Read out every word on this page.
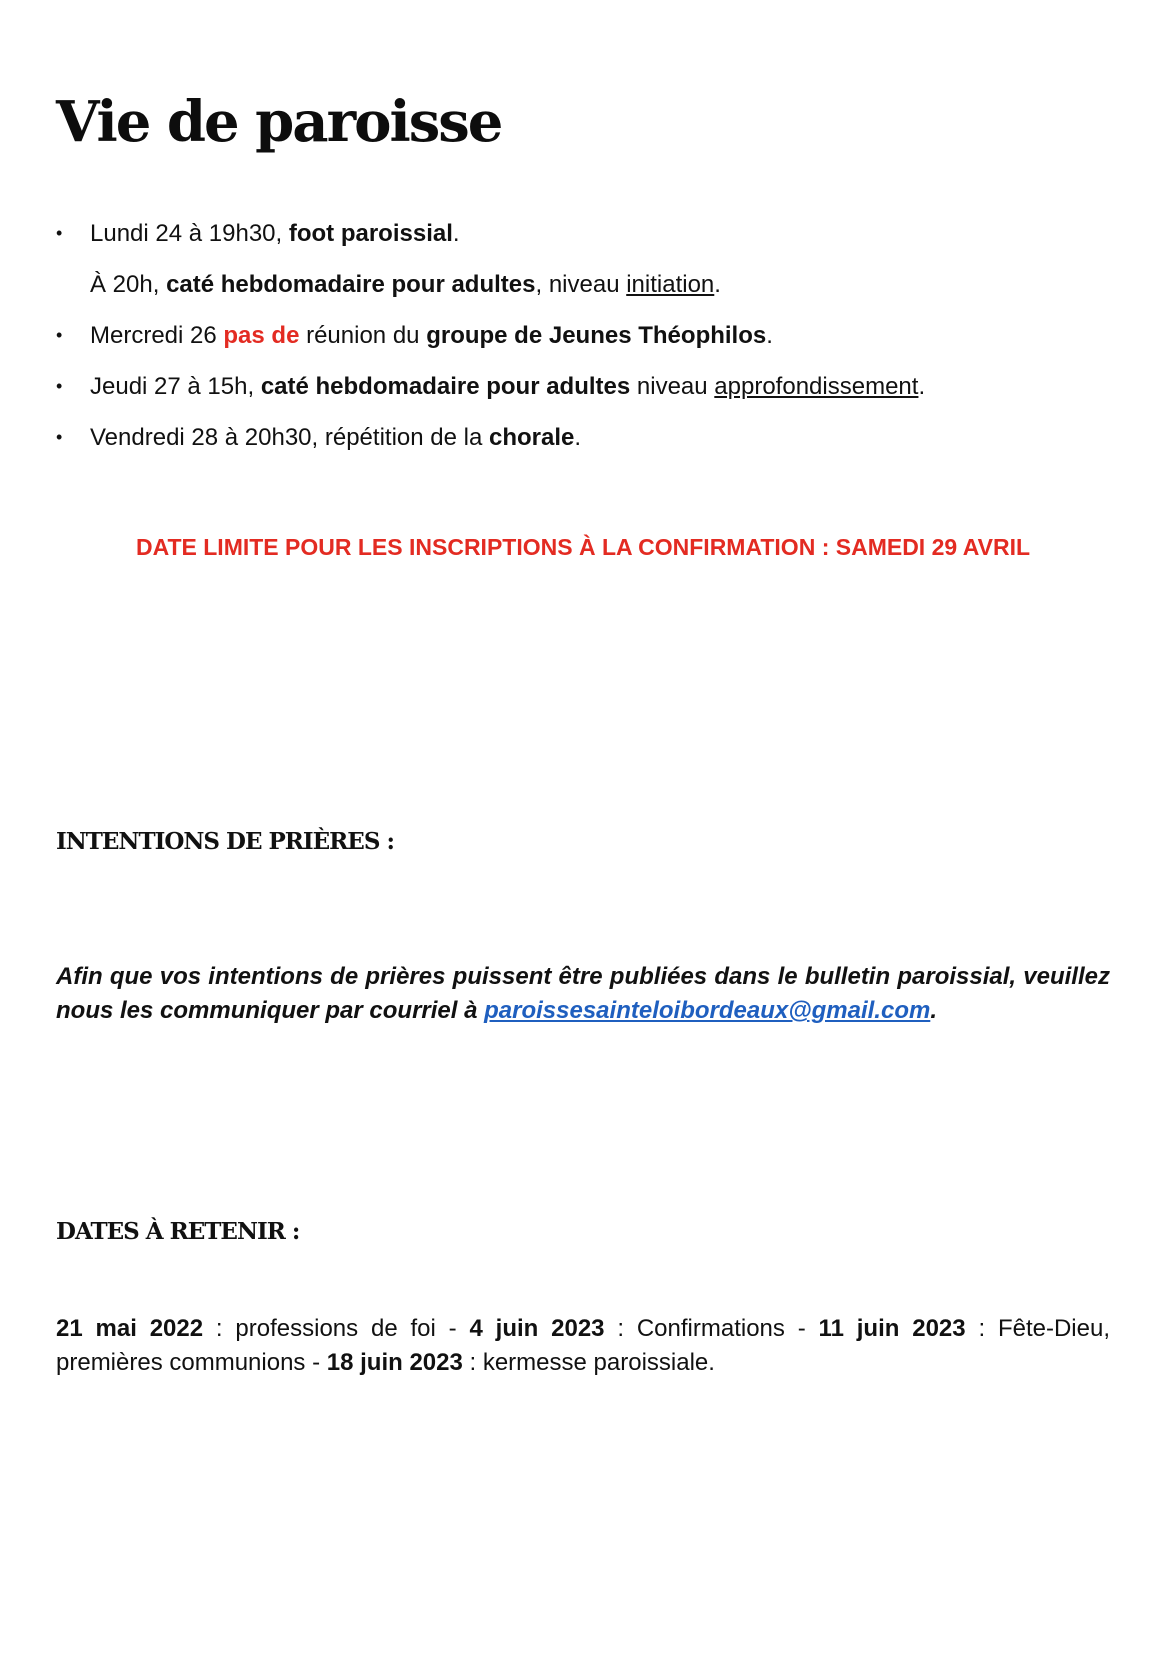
Vie de paroisse
• Lundi 24 à 19h30, foot paroissial.
À 20h, caté hebdomadaire pour adultes, niveau initiation.
• Mercredi 26 pas de réunion du groupe de Jeunes Théophilos.
• Jeudi 27 à 15h, caté hebdomadaire pour adultes niveau approfondissement.
• Vendredi 28 à 20h30, répétition de la chorale.

DATE LIMITE POUR LES INSCRIPTIONS À LA CONFIRMATION : SAMEDI 29 AVRIL

INTENTIONS DE PRIÈRES :

Afin que vos intentions de prières puissent être publiées dans le bulletin paroissial, veuillez nous les communiquer par courriel à paroissesainteloibordeaux@gmail.com.

DATES À RETENIR :

21 mai 2022 : professions de foi - 4 juin 2023 : Confirmations - 11 juin 2023 : Fête-Dieu, premières communions - 18 juin 2023 : kermesse paroissiale.
